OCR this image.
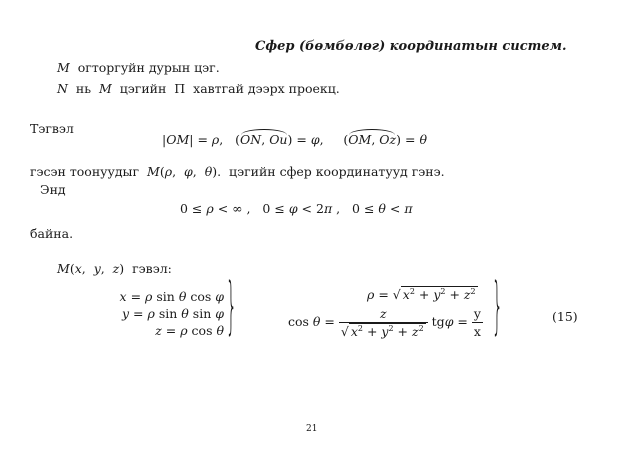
Сфер (бөмбөлөг) координатын систем.
M огторгуйн дурын цэг.
N нь M цэгийн  Π  хавтгай дээрх проекц.
Тэгвэл
|OM| = ρ,   (ON, Ou) = φ,     (OM, Oz) = θ
гэсэн тоонуудыг M(ρ,  φ,  θ). цэгийн сфер координатууд гэнэ.
Энд
0 ≤ ρ < ∞ ,   0 ≤ φ < 2π ,   0 ≤ θ < π
байна.
M(x,  y,  z) гэвэл:
x = ρ sin θ cos φ
y = ρ sin θ sin φ
z = ρ cos θ }	ρ = √ $x^2 + y^2 + z^2$
$\cos \theta = \frac{z}{√ x^2 + y^2 + z^2}$ $tg\varphi = \frac{y}{x}$ }	(15)
21
